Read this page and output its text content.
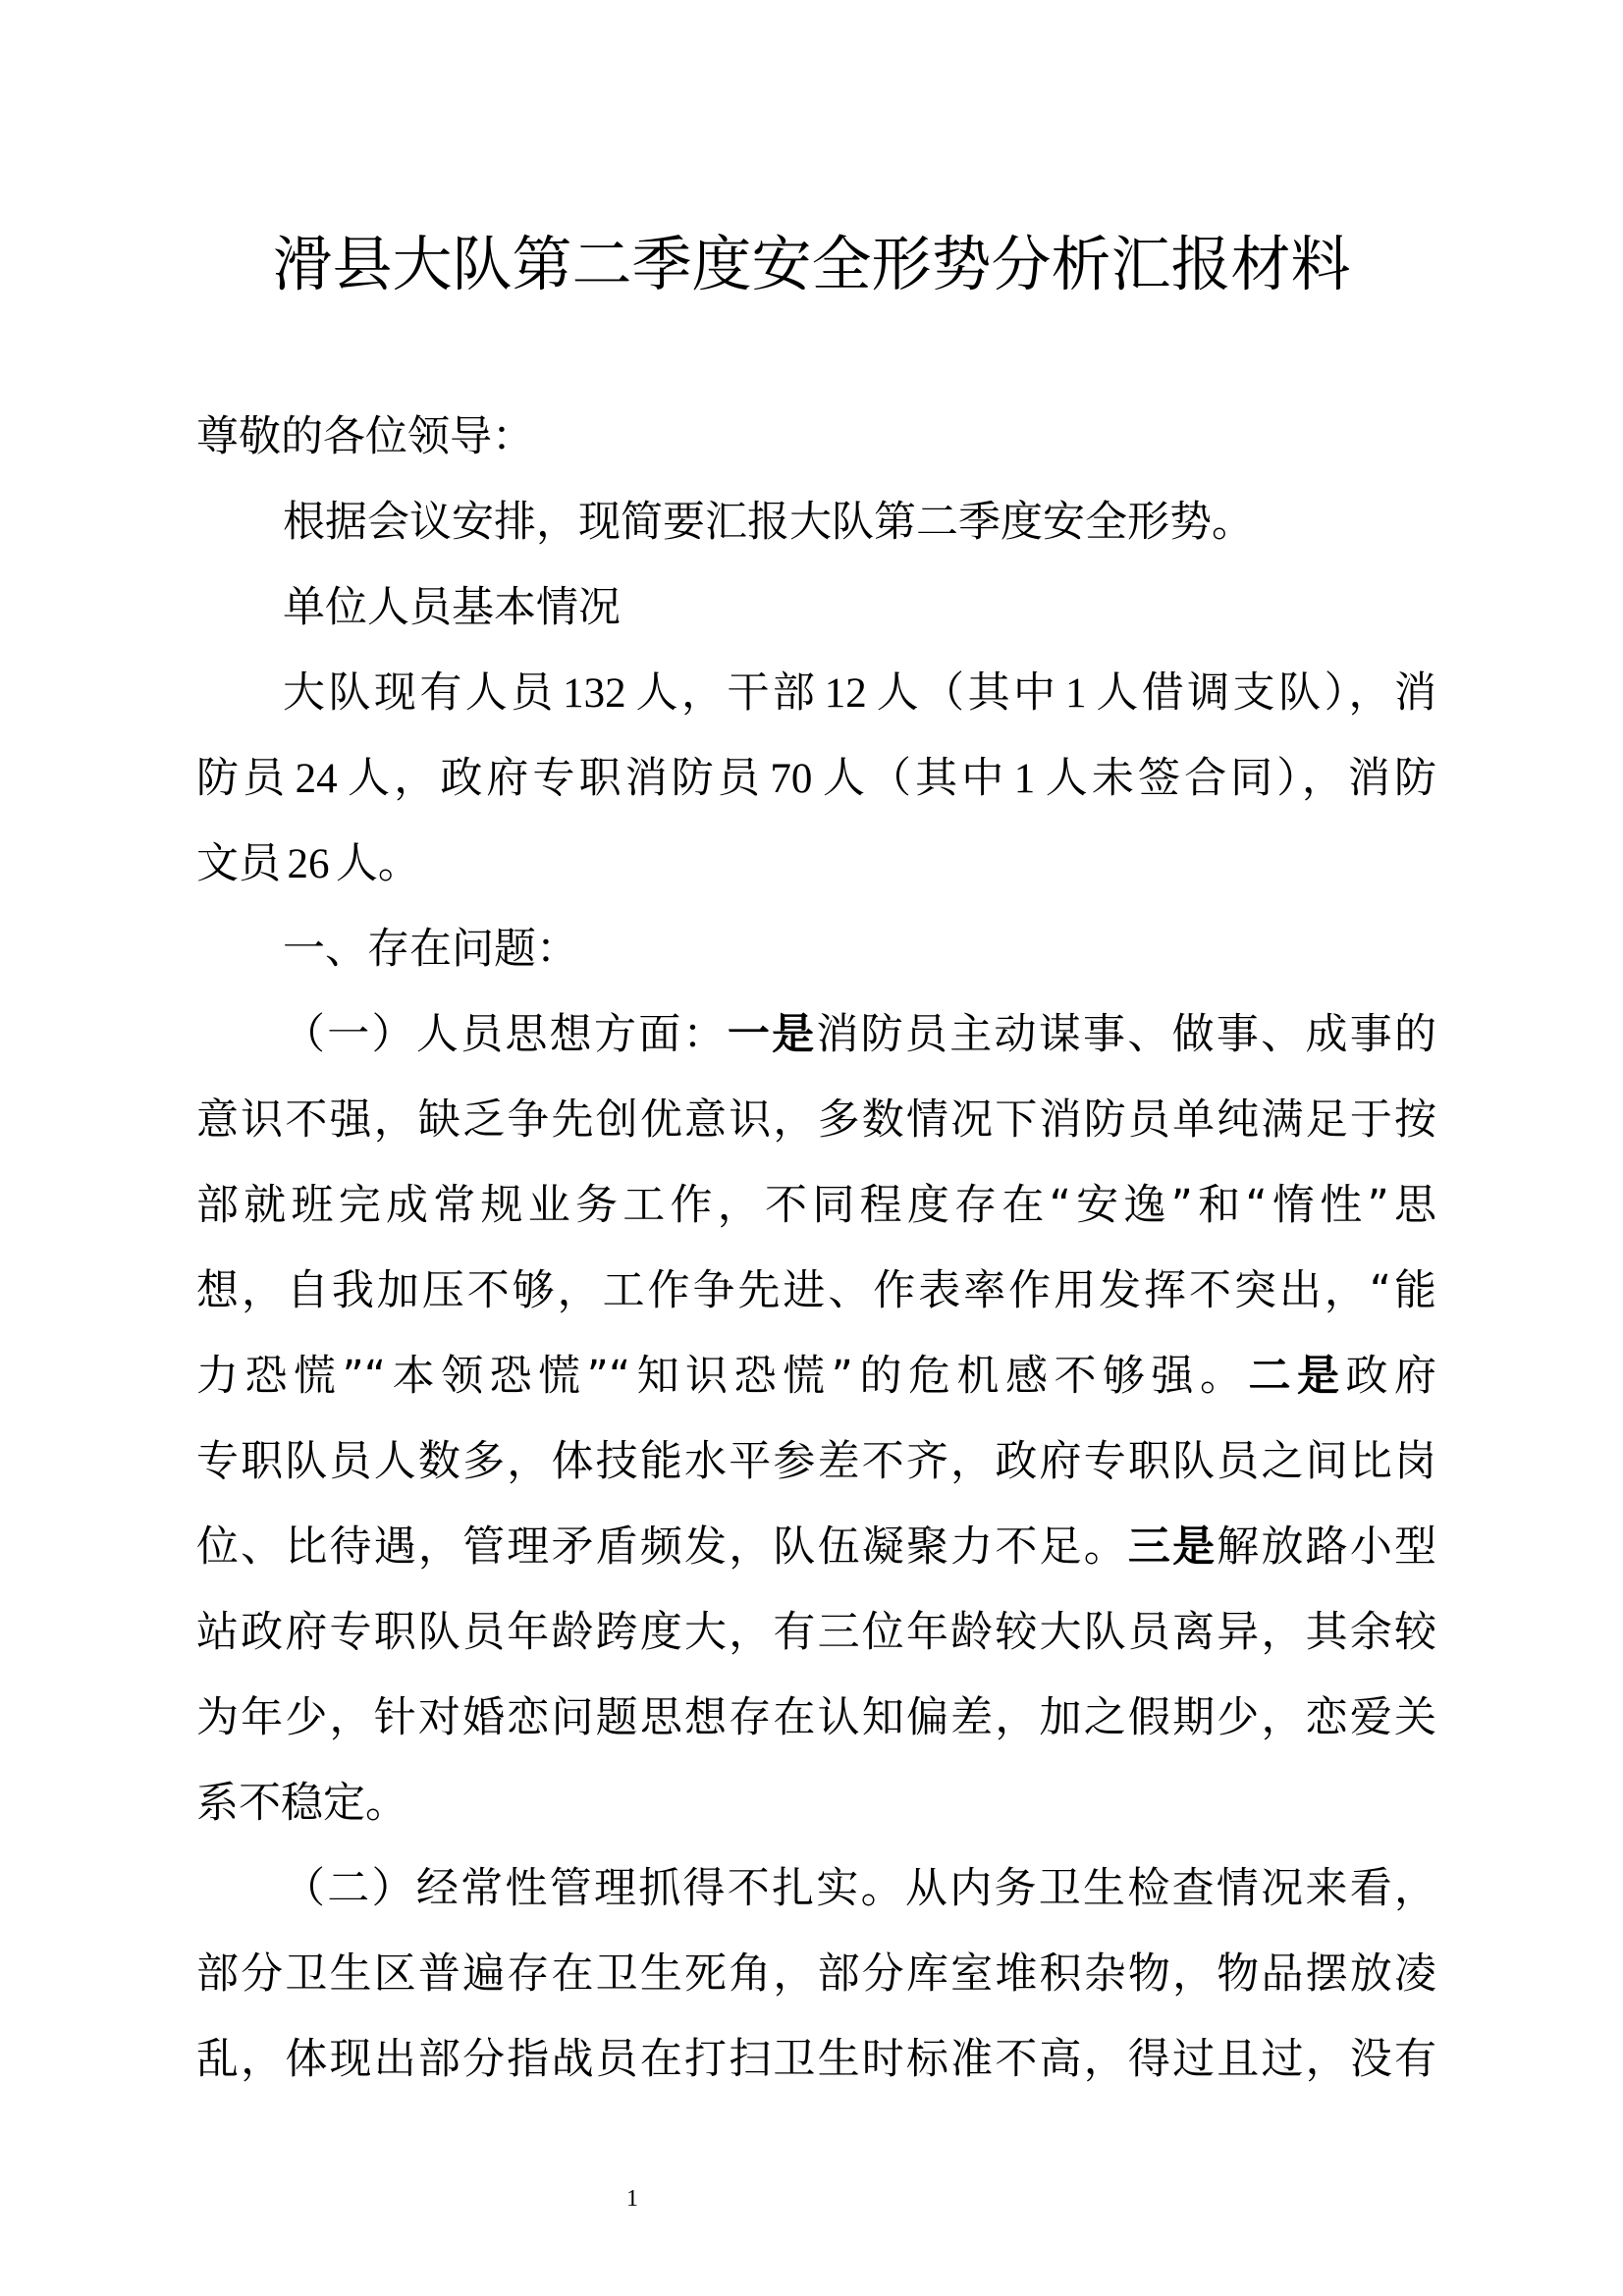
滑县大队第二季度安全形势分析汇报材料
尊敬的各位领导：
根据会议安排，现简要汇报大队第二季度安全形势。
单位人员基本情况
大队现有人员 132 人，干部 12 人（其中 1 人借调支队），消
防员 24 人，政府专职消防员 70 人（其中 1 人未签合同），消防
文员 26 人。
一、存在问题：
（一）人员思想方面：一是消防员主动谋事、做事、成事的
意识不强，缺乏争先创优意识，多数情况下消防员单纯满足于按
部就班完成常规业务工作，不同程度存在“安逸”和“惰性”思
想，自我加压不够，工作争先进、作表率作用发挥不突出，“能
力恐慌”“本领恐慌”“知识恐慌”的危机感不够强。二是政府
专职队员人数多，体技能水平参差不齐，政府专职队员之间比岗
位、比待遇，管理矛盾频发，队伍凝聚力不足。三是解放路小型
站政府专职队员年龄跨度大，有三位年龄较大队员离异，其余较
为年少，针对婚恋问题思想存在认知偏差，加之假期少，恋爱关
系不稳定。
（二）经常性管理抓得不扎实。从内务卫生检查情况来看，
部分卫生区普遍存在卫生死角，部分库室堆积杂物，物品摆放凌
乱，体现出部分指战员在打扫卫生时标准不高，得过且过，没有
1
